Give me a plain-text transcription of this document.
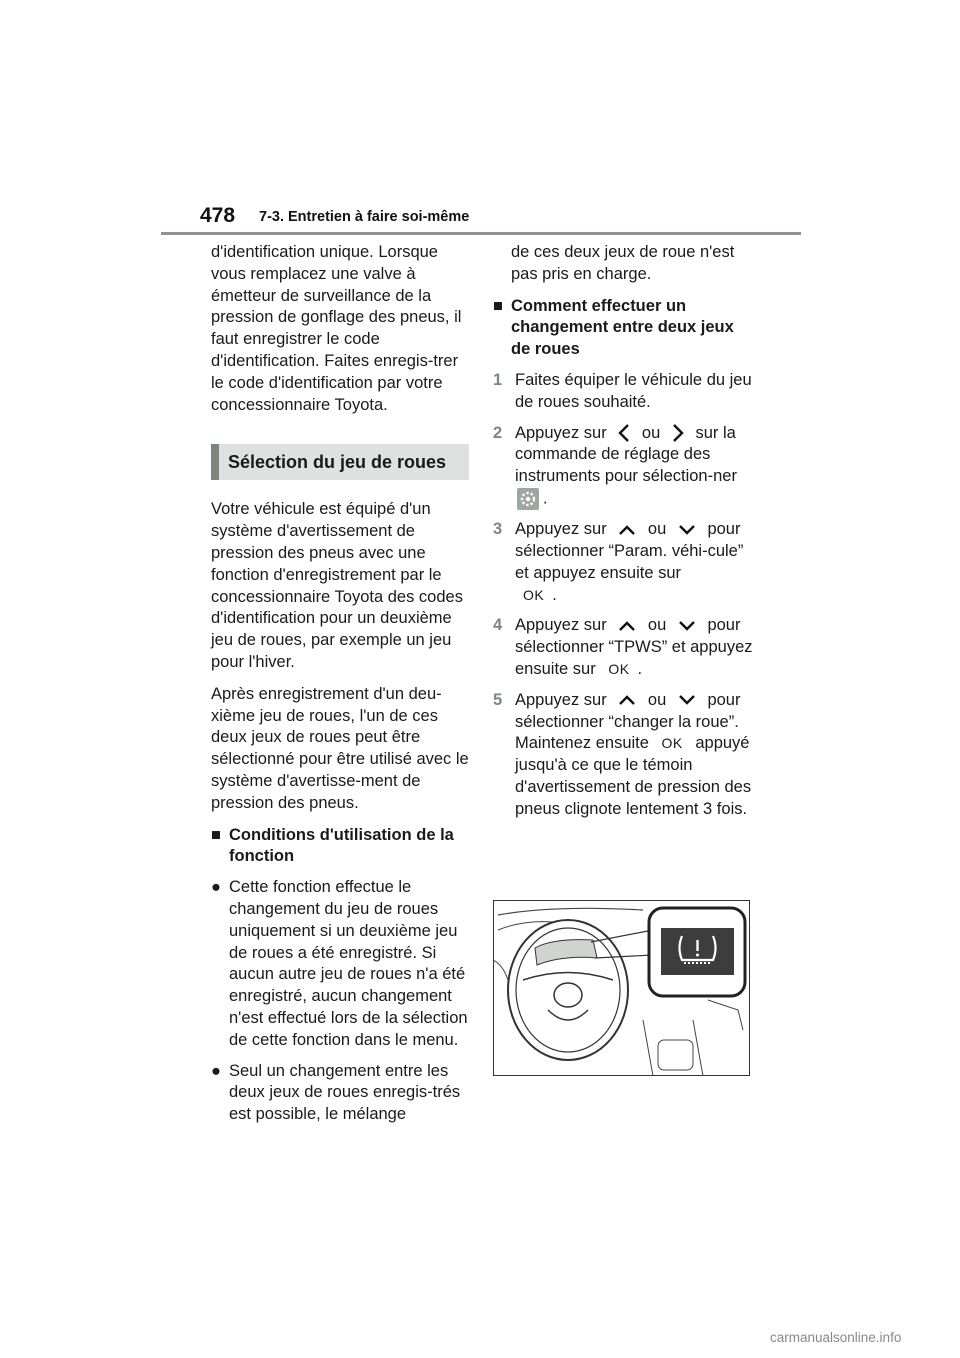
478 7-3. Entretien à faire soi-même

d'identification unique. Lorsque vous remplacez une valve à émetteur de surveillance de la pression de gonflage des pneus, il faut enregistrer le code d'identification. Faites enregis-trer le code d'identification par votre concessionnaire Toyota.

Sélection du jeu de roues

Votre véhicule est équipé d'un système d'avertissement de pression des pneus avec une fonction d'enregistrement par le concessionnaire Toyota des codes d'identification pour un deuxième jeu de roues, par exemple un jeu pour l'hiver.

Après enregistrement d'un deu-xième jeu de roues, l'un de ces deux jeux de roues peut être sélectionné pour être utilisé avec le système d'avertisse-ment de pression des pneus.

■ Conditions d'utilisation de la fonction
● Cette fonction effectue le changement du jeu de roues uniquement si un deuxième jeu de roues a été enregistré. Si aucun autre jeu de roues n'a été enregistré, aucun changement n'est effectué lors de la sélection de cette fonction dans le menu.
● Seul un changement entre les deux jeux de roues enregis-trés est possible, le mélange

de ces deux jeux de roue n'est pas pris en charge.

■ Comment effectuer un changement entre deux jeux de roues
1 Faites équiper le véhicule du jeu de roues souhaité.
2 Appuyez sur ou sur la commande de réglage des instruments pour sélection-ner .
3 Appuyez sur ou pour sélectionner “Param. véhi-cule” et appuyez ensuite sur
OK .
4 Appuyez sur ou pour sélectionner “TPWS” et appuyez ensuite sur OK .
5 Appuyez sur ou pour sélectionner “changer la roue”. Maintenez ensuite OK appuyé jusqu'à ce que le témoin d'avertissement de pression des pneus clignote lentement 3 fois.
carmanualsonline.info
